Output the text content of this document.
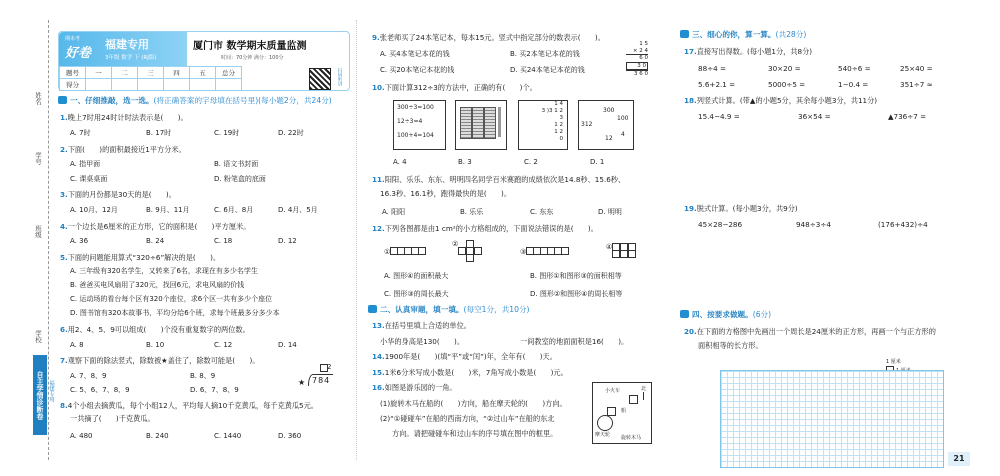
姓名
学号
班级
学校
自主学情诊断卷 福建专用
期末考
好卷
福建专用
3年级 数学 下 (RJ版)
厦门市 数学期末质量监测
时间：70分钟 满分：100分
题号	一	二	三	四	五	总分
得分							扫码听讲
一、仔细推敲，选一选。(将正确答案的字母填在括号里)(每小题2分，共24分)
1.晚上7时用24时计时法表示是(　　)。
A. 7时	B. 17时	C. 19时	D. 22时
2.下面(　　)的面积最接近1平方分米。
A. 指甲面	B. 语文书封面
C. 课桌桌面	D. 粉笔盒的底面
3.下面的月份都是30天的是(　　)。
A. 10月、12月	B. 9月、11月	C. 6月、8月	D. 4月、5月
4.一个边长是6厘米的正方形，它的面积是(　　)平方厘米。
A. 36	B. 24	C. 18	D. 12
5.下面的问题能用算式“320÷6”解决的是(　　)。
A. 三年级有320名学生，又转来了6名，求现在有多少名学生
B. 爸爸买电风扇用了320元，找回6元，求电风扇的价钱
C. 运动场的看台每个区有320个座位，求6个区一共有多少个座位
D. 图书馆有320本故事书，平均分给6个班，求每个班最多分多少本
6.用2、4、5、9可以组成(　　)个没有重复数字的两位数。
A. 8	B. 10	C. 12	D. 14
7.观察下面的除法竖式，除数被★盖住了，除数可能是(　　)。
A. 7、8、9	B. 8、9
C. 5、6、7、8、9	D. 6、7、8、9
2
★ 784
8.4个小组去摘黄瓜，每个小组12人，平均每人摘10千克黄瓜，每千克黄瓜5元。
一共摘了(　　)千克黄瓜。
A. 480	B. 240	C. 1440	D. 360
9.张老师买了24本笔记本，每本15元。竖式中指定部分的数表示(　　)。
A. 买4本笔记本花的钱	B. 买2本笔记本花的钱
C. 买20本笔记本花的钱	D. 买24本笔记本花的钱
1 5
× 2 4
6 0
3 0
3 6 0
10.下面计算312÷3的方法中，正确的有(　　)个。
300÷3=100
12÷3=4
100+4=104
1 4
3 )3 1 2
3
1 2
1 2
0
312
300
12
100
4
A. 4	B. 3	C. 2	D. 1
11.阳阳、乐乐、东东、明明四名同学百米赛跑的成绩依次是14.8秒、15.6秒、
16.3秒、16.1秒，跑得最快的是(　　)。
A. 阳阳	B. 乐乐	C. 东东	D. 明明
12.下列各图都是由1 cm²的小方格组成的，下面说法错误的是(　　)。
①
②
③
④
A. 图形④的面积最大	B. 图形①和图形③的面积相等
C. 图形③的周长最大	D. 图形②和图形④的周长相等
二、认真审题，填一填。(每空1分，共10分)
13.在括号里填上合适的单位。
小华的身高是130(　　)。	一间教室的地面面积是16(　　)。
14.1900年是(　　)(填“平”或“闰”)年，全年有(　　)天。
15.1米6分米写成小数是(　　)米，7角写成小数是(　　)元。
16.如图是游乐园的一角。
(1)旋转木马在船的(　　)方向，船在摩天轮的(　　)方向。
(2)“①碰碰车”在船的西南方向，“②过山车”在船的东北
方向。请把碰碰车和过山车的序号填在图中的框里。
小火车	北
船
摩天轮 旋转木马
三、细心的你，算一算。(共28分)
17.直接写出得数。(每小题1分，共8分)
88÷4 =	30×20 =	540÷6 =	25×40 =
5.6+2.1 =	5000÷5 =	1−0.4 =	351÷7 ≈
18.列竖式计算。(带▲的小题5分，其余每小题3分，共11分)
15.4−4.9 =	36×54 =	▲736÷7 =
19.脱式计算。(每小题3分，共9分)
45×28−286	948÷3÷4	(176+432)÷4
四、按要求做题。(6分)
20.在下面的方格图中先画出一个周长是24厘米的正方形，再画一个与正方形的
面积相等的长方形。
1 厘米
21
